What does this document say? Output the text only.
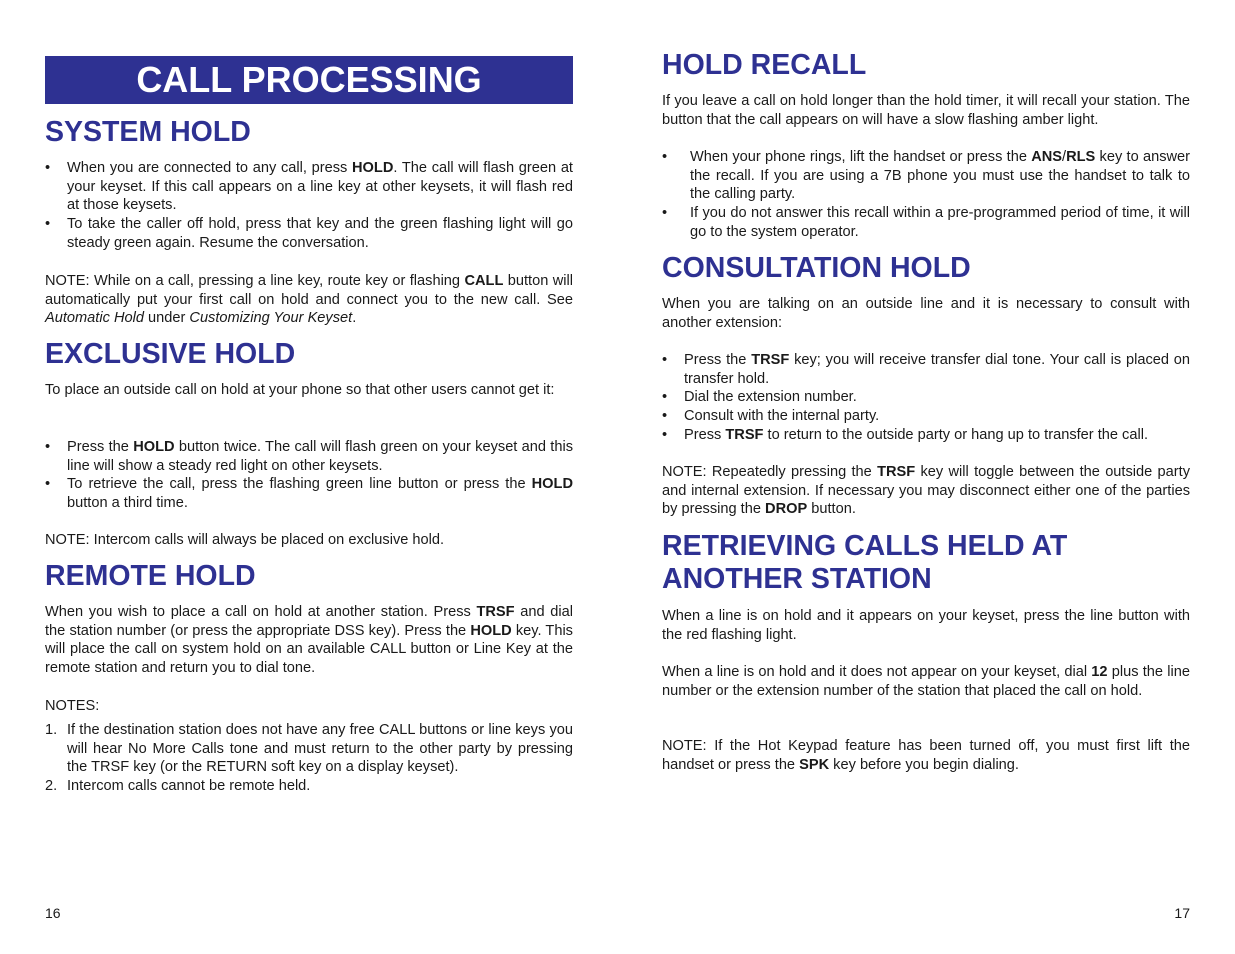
CALL PROCESSING
SYSTEM HOLD
• When you are connected to any call, press HOLD. The call will flash green at your keyset. If this call appears on a line key at other keysets, it will flash red at those keysets.
• To take the caller off hold, press that key and the green flashing light will go steady green again. Resume the conversation.

NOTE: While on a call, pressing a line key, route key or flashing CALL button will automatically put your first call on hold and connect you to the new call. See Automatic Hold under Customizing Your Keyset.

EXCLUSIVE HOLD

To place an outside call on hold at your phone so that other users cannot get it:

• Press the HOLD button twice. The call will flash green on your keyset and this line will show a steady red light on other keysets.
• To retrieve the call, press the flashing green line button or press the HOLD button a third time.

NOTE: Intercom calls will always be placed on exclusive hold.

REMOTE HOLD

When you wish to place a call on hold at another station. Press TRSF and dial the station number (or press the appropriate DSS key). Press the HOLD key. This will place the call on system hold on an available CALL button or Line Key at the remote station and return you to dial tone.

NOTES:

1. If the destination station does not have any free CALL buttons or line keys you will hear No More Calls tone and must return to the other party by pressing the TRSF key (or the RETURN soft key on a display keyset).
2. Intercom calls cannot be remote held.
16
HOLD RECALL

If you leave a call on hold longer than the hold timer, it will recall your station. The button that the call appears on will have a slow flashing amber light.

• When your phone rings, lift the handset or press the ANS/RLS key to answer the recall. If you are using a 7B phone you must use the handset to talk to the calling party.
• If you do not answer this recall within a pre-programmed period of time, it will go to the system operator.
CONSULTATION HOLD

When you are talking on an outside line and it is necessary to consult with another extension:

• Press the TRSF key; you will receive transfer dial tone. Your call is placed on transfer hold.
• Dial the extension number.
• Consult with the internal party.
• Press TRSF to return to the outside party or hang up to transfer the call.

NOTE: Repeatedly pressing the TRSF key will toggle between the outside party and internal extension. If necessary you may disconnect either one of the parties by pressing the DROP button.

RETRIEVING CALLS HELD AT
ANOTHER STATION

When a line is on hold and it appears on your keyset, press the line button with the red flashing light.

When a line is on hold and it does not appear on your keyset, dial 12 plus the line number or the extension number of the station that placed the call on hold.

NOTE: If the Hot Keypad feature has been turned off, you must first lift the handset or press the SPK key before you begin dialing.

17
